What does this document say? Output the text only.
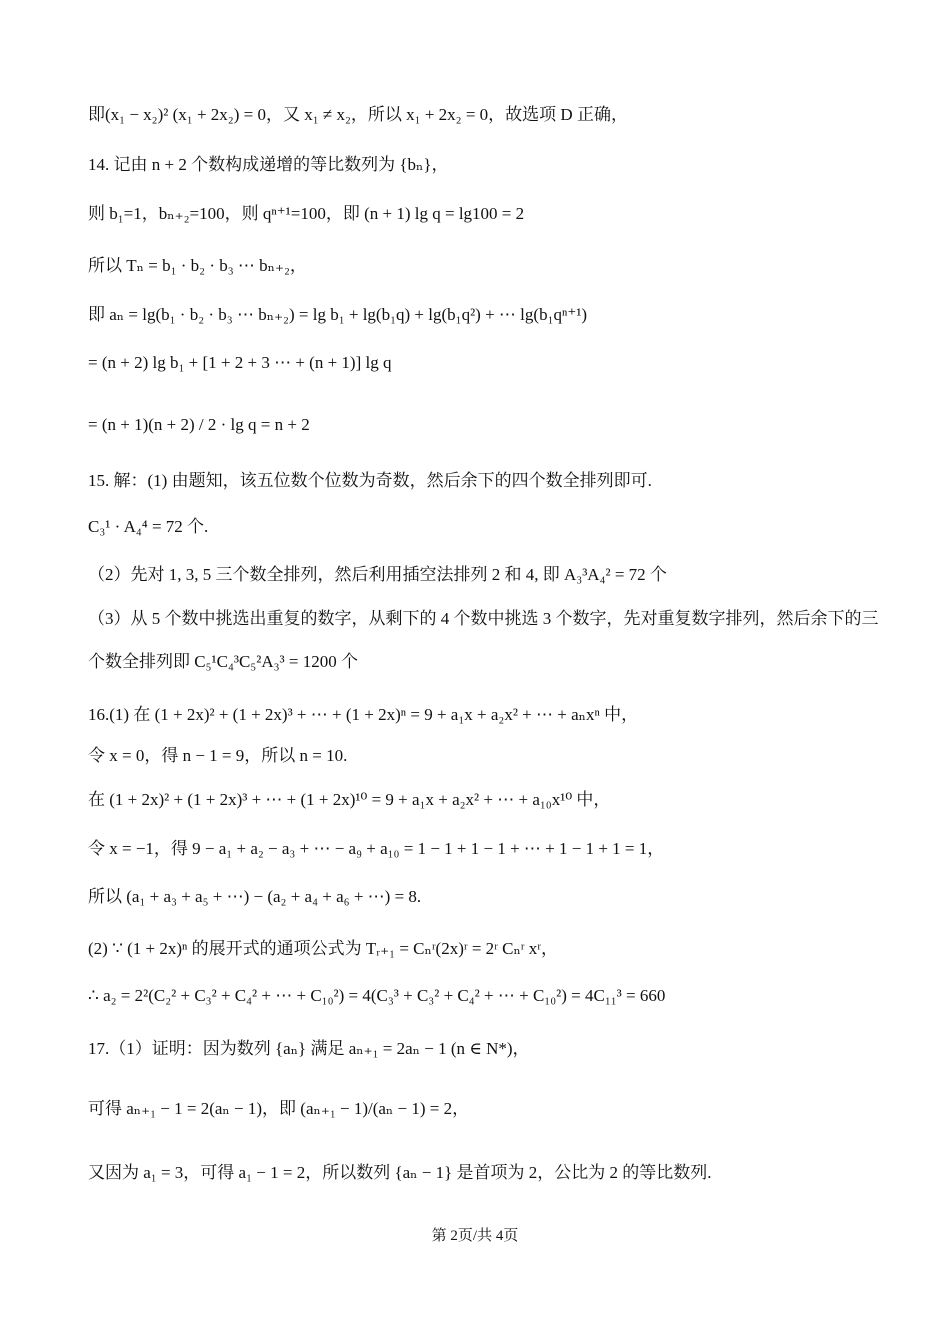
即(x₁ − x₂)² (x₁ + 2x₂) = 0，又 x₁ ≠ x₂，所以 x₁ + 2x₂ = 0，故选项 D 正确，
14. 记由 n + 2 个数构成递增的等比数列为 {bₙ}，
则 b₁=1，bₙ₊₂=100，则 qⁿ⁺¹=100，即 (n + 1) lg q = lg100 = 2
所以 Tₙ = b₁ · b₂ · b₃ ⋯ bₙ₊₂，
即 aₙ = lg(b₁ · b₂ · b₃ ⋯ bₙ₊₂) = lg b₁ + lg(b₁q) + lg(b₁q²) + ⋯ lg(b₁qⁿ⁺¹)
= (n + 2) lg b₁ + [1 + 2 + 3 ⋯ + (n + 1)] lg q
= (n + 1)(n + 2) / 2 · lg q = n + 2
15. 解：(1) 由题知，该五位数个位数为奇数，然后余下的四个数全排列即可.
C₃¹ · A₄⁴ = 72 个.
（2）先对 1, 3, 5 三个数全排列，然后利用插空法排列 2 和 4, 即 A₃³A₄² = 72 个
（3）从 5 个数中挑选出重复的数字，从剩下的 4 个数中挑选 3 个数字，先对重复数字排列，然后余下的三
个数全排列即 C₅¹C₄³C₅²A₃³ = 1200 个
16.(1) 在 (1 + 2x)² + (1 + 2x)³ + ⋯ + (1 + 2x)ⁿ = 9 + a₁x + a₂x² + ⋯ + aₙxⁿ 中，
令 x = 0，得 n − 1 = 9，所以 n = 10.
在 (1 + 2x)² + (1 + 2x)³ + ⋯ + (1 + 2x)¹⁰ = 9 + a₁x + a₂x² + ⋯ + a₁₀x¹⁰ 中，
令 x = −1，得 9 − a₁ + a₂ − a₃ + ⋯ − a₉ + a₁₀ = 1 − 1 + 1 − 1 + ⋯ + 1 − 1 + 1 = 1，
所以 (a₁ + a₃ + a₅ + ⋯) − (a₂ + a₄ + a₆ + ⋯) = 8.
(2) ∵ (1 + 2x)ⁿ 的展开式的通项公式为 Tᵣ₊₁ = Cₙʳ(2x)ʳ = 2ʳ Cₙʳ xʳ，
∴ a₂ = 2²(C₂² + C₃² + C₄² + ⋯ + C₁₀²) = 4(C₃³ + C₃² + C₄² + ⋯ + C₁₀²) = 4C₁₁³ = 660
17.（1）证明：因为数列 {aₙ} 满足 aₙ₊₁ = 2aₙ − 1 (n ∈ N*)，
可得 aₙ₊₁ − 1 = 2(aₙ − 1)，即 (aₙ₊₁ − 1)/(aₙ − 1) = 2，
又因为 a₁ = 3，可得 a₁ − 1 = 2，所以数列 {aₙ − 1} 是首项为 2，公比为 2 的等比数列.
第 2页/共 4页
